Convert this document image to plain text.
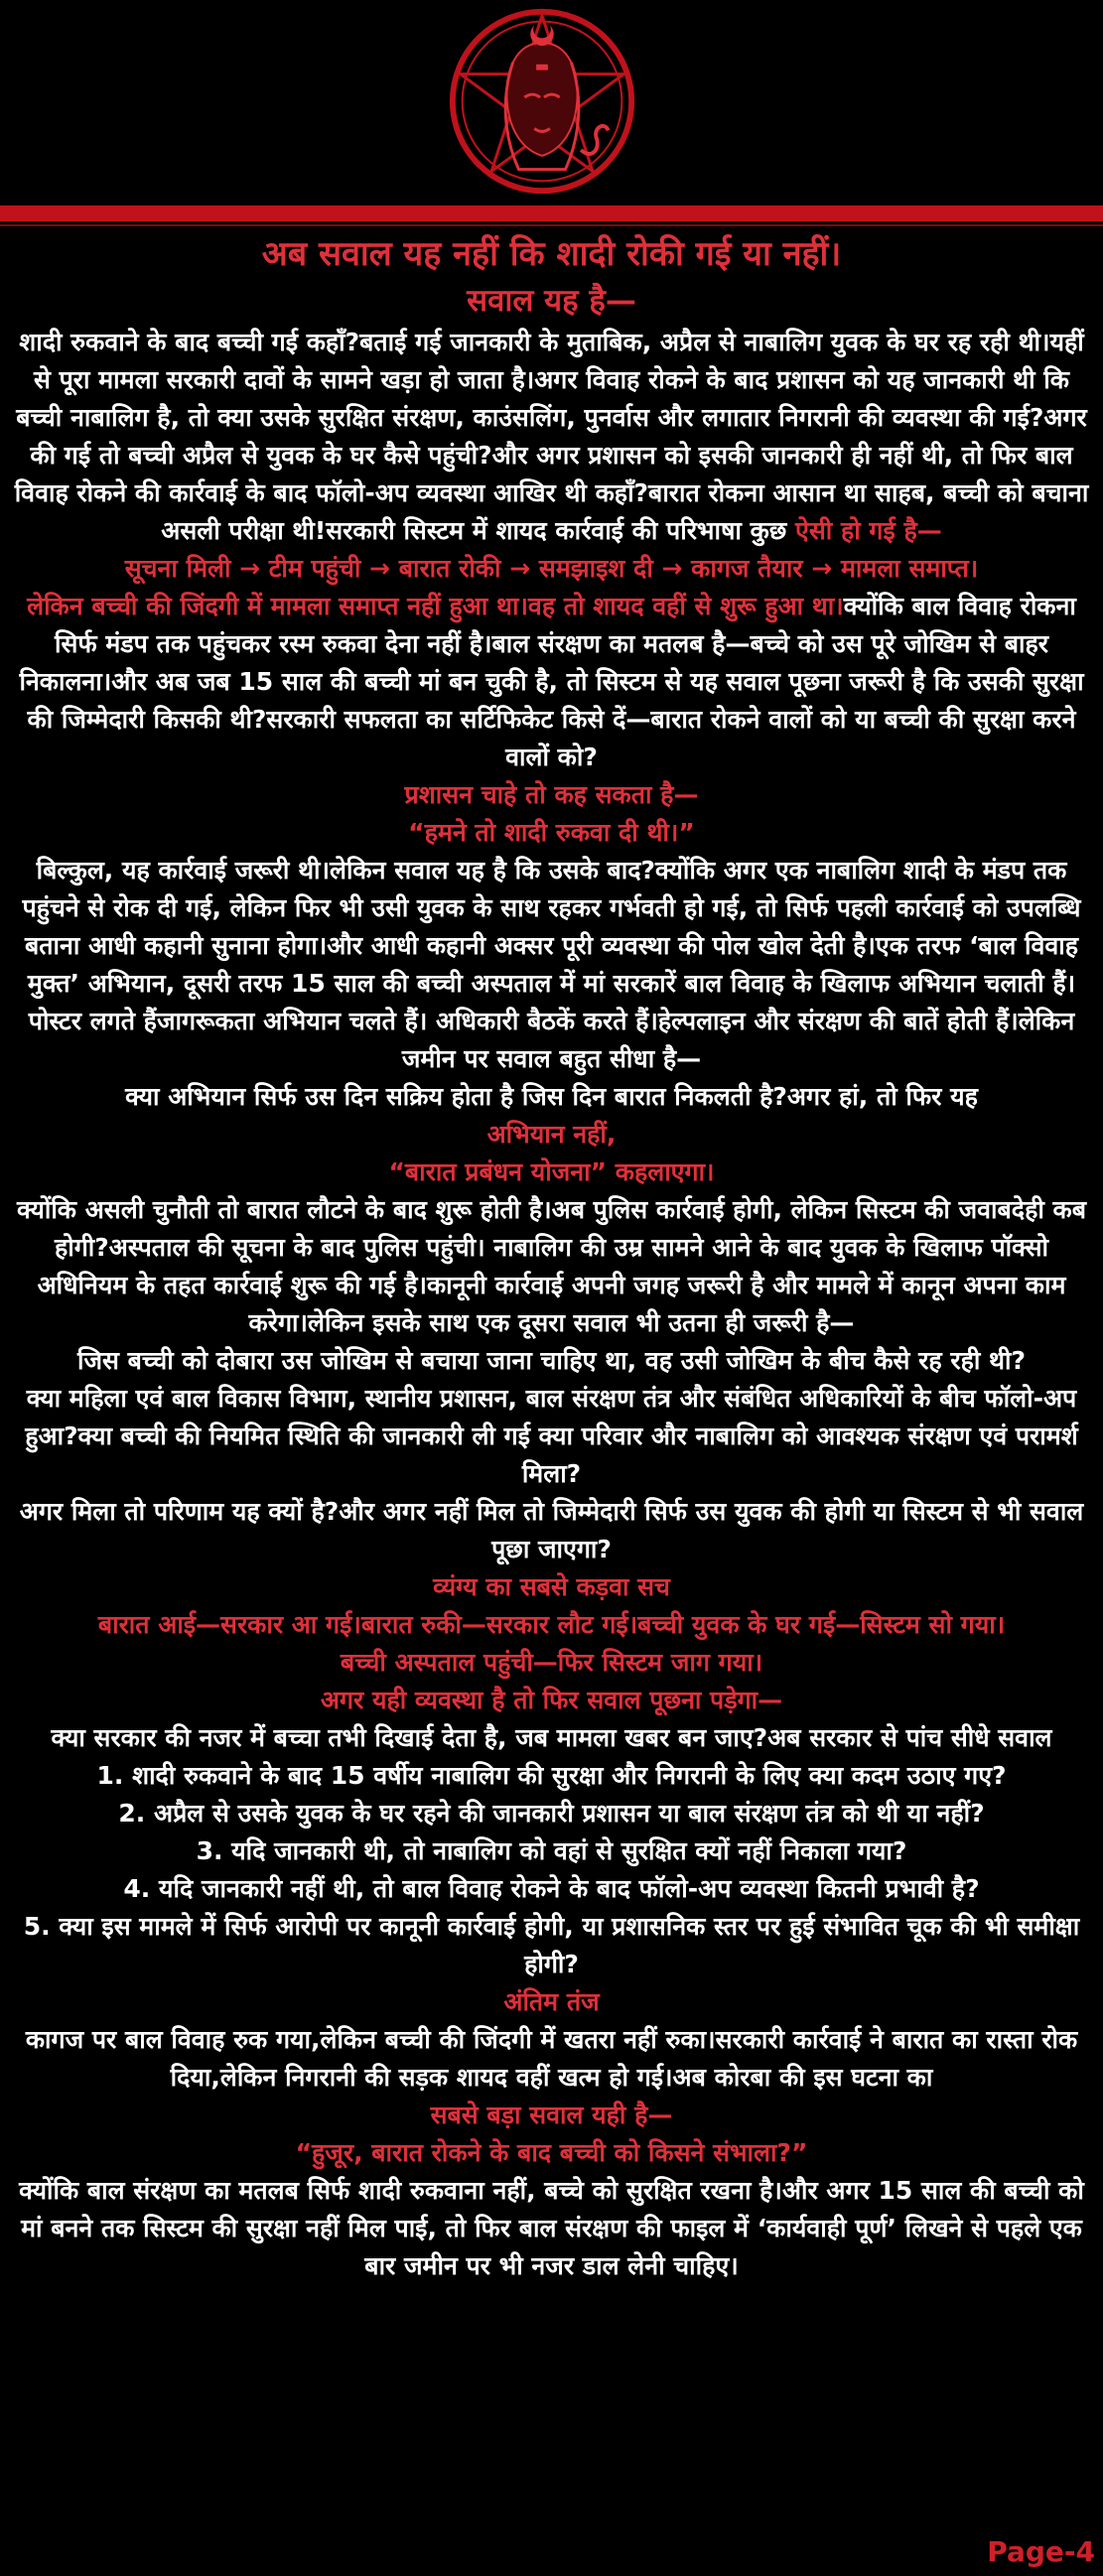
अब सवाल यह नहीं कि शादी रोकी गई या नहीं।

सवाल यह है—

शादी रुकवाने के बाद बच्ची गई कहाँ?बताई गई जानकारी के मुताबिक, अप्रैल से नाबालिग युवक के घर रह रही थी।यहीं से पूरा मामला सरकारी दावों के सामने खड़ा हो जाता है।अगर विवाह रोकने के बाद प्रशासन को यह जानकारी थी कि बच्ची नाबालिग है, तो क्या उसके सुरक्षित संरक्षण, काउंसलिंग, पुनर्वास और लगातार निगरानी की व्यवस्था की गई?अगर की गई तो बच्ची अप्रैल से युवक के घर कैसे पहुंची?और अगर प्रशासन को इसकी जानकारी ही नहीं थी, तो फिर बाल विवाह रोकने की कार्रवाई के बाद फॉलो-अप व्यवस्था आखिर थी कहाँ?बारात रोकना आसान था साहब, बच्ची को बचाना असली परीक्षा थी!सरकारी सिस्टम में शायद कार्रवाई की परिभाषा कुछ ऐसी हो गई है—

सूचना मिली → टीम पहुंची → बारात रोकी → समझाइश दी → कागज तैयार → मामला समाप्त।

लेकिन बच्ची की जिंदगी में मामला समाप्त नहीं हुआ था।वह तो शायद वहीं से शुरू हुआ था।क्योंकि बाल विवाह रोकना सिर्फ मंडप तक पहुंचकर रस्म रुकवा देना नहीं है।बाल संरक्षण का मतलब है—बच्चे को उस पूरे जोखिम से बाहर निकालना।और अब जब 15 साल की बच्ची मां बन चुकी है, तो सिस्टम से यह सवाल पूछना जरूरी है कि उसकी सुरक्षा की जिम्मेदारी किसकी थी?सरकारी सफलता का सर्टिफिकेट किसे दें—बारात रोकने वालों को या बच्ची की सुरक्षा करने वालों को?

प्रशासन चाहे तो कह सकता है—

“हमने तो शादी रुकवा दी थी।”

बिल्कुल, यह कार्रवाई जरूरी थी।लेकिन सवाल यह है कि उसके बाद?क्योंकि अगर एक नाबालिग शादी के मंडप तक पहुंचने से रोक दी गई, लेकिन फिर भी उसी युवक के साथ रहकर गर्भवती हो गई, तो सिर्फ पहली कार्रवाई को उपलब्धि बताना आधी कहानी सुनाना होगा।और आधी कहानी अक्सर पूरी व्यवस्था की पोल खोल देती है।एक तरफ ‘बाल विवाह मुक्त’ अभियान, दूसरी तरफ 15 साल की बच्ची अस्पताल में मां सरकारें बाल विवाह के खिलाफ अभियान चलाती हैं।पोस्टर लगते हैंजागरूकता अभियान चलते हैं। अधिकारी बैठकें करते हैं।हेल्पलाइन और संरक्षण की बातें होती हैं।लेकिन जमीन पर सवाल बहुत सीधा है—

क्या अभियान सिर्फ उस दिन सक्रिय होता है जिस दिन बारात निकलती है?अगर हां, तो फिर यह

अभियान नहीं,

“बारात प्रबंधन योजना” कहलाएगा।

क्योंकि असली चुनौती तो बारात लौटने के बाद शुरू होती है।अब पुलिस कार्रवाई होगी, लेकिन सिस्टम की जवाबदेही कब होगी?अस्पताल की सूचना के बाद पुलिस पहुंची। नाबालिग की उम्र सामने आने के बाद युवक के खिलाफ पॉक्सो अधिनियम के तहत कार्रवाई शुरू की गई है।कानूनी कार्रवाई अपनी जगह जरूरी है और मामले में कानून अपना काम करेगा।लेकिन इसके साथ एक दूसरा सवाल भी उतना ही जरूरी है—

जिस बच्ची को दोबारा उस जोखिम से बचाया जाना चाहिए था, वह उसी जोखिम के बीच कैसे रह रही थी?

क्या महिला एवं बाल विकास विभाग, स्थानीय प्रशासन, बाल संरक्षण तंत्र और संबंधित अधिकारियों के बीच फॉलो-अप हुआ?क्या बच्ची की नियमित स्थिति की जानकारी ली गई क्या परिवार और नाबालिग को आवश्यक संरक्षण एवं परामर्श मिला?

अगर मिला तो परिणाम यह क्यों है?और अगर नहीं मिल तो जिम्मेदारी सिर्फ उस युवक की होगी या सिस्टम से भी सवाल पूछा जाएगा?

व्यंग्य का सबसे कड़वा सच

बारात आई—सरकार आ गई।बारात रुकी—सरकार लौट गई।बच्ची युवक के घर गई—सिस्टम सो गया।

बच्ची अस्पताल पहुंची—फिर सिस्टम जाग गया।

अगर यही व्यवस्था है तो फिर सवाल पूछना पड़ेगा—

क्या सरकार की नजर में बच्चा तभी दिखाई देता है, जब मामला खबर बन जाए?अब सरकार से पांच सीधे सवाल

1. शादी रुकवाने के बाद 15 वर्षीय नाबालिग की सुरक्षा और निगरानी के लिए क्या कदम उठाए गए?

2. अप्रैल से उसके युवक के घर रहने की जानकारी प्रशासन या बाल संरक्षण तंत्र को थी या नहीं?

3. यदि जानकारी थी, तो नाबालिग को वहां से सुरक्षित क्यों नहीं निकाला गया?

4. यदि जानकारी नहीं थी, तो बाल विवाह रोकने के बाद फॉलो-अप व्यवस्था कितनी प्रभावी है?

5. क्या इस मामले में सिर्फ आरोपी पर कानूनी कार्रवाई होगी, या प्रशासनिक स्तर पर हुई संभावित चूक की भी समीक्षा होगी?

अंतिम तंज

कागज पर बाल विवाह रुक गया,लेकिन बच्ची की जिंदगी में खतरा नहीं रुका।सरकारी कार्रवाई ने बारात का रास्ता रोक दिया,लेकिन निगरानी की सड़क शायद वहीं खत्म हो गई।अब कोरबा की इस घटना का

सबसे बड़ा सवाल यही है—

“हुजूर, बारात रोकने के बाद बच्ची को किसने संभाला?”

क्योंकि बाल संरक्षण का मतलब सिर्फ शादी रुकवाना नहीं, बच्चे को सुरक्षित रखना है।और अगर 15 साल की बच्ची को मां बनने तक सिस्टम की सुरक्षा नहीं मिल पाई, तो फिर बाल संरक्षण की फाइल में ‘कार्यवाही पूर्ण’ लिखने से पहले एक बार जमीन पर भी नजर डाल लेनी चाहिए।

Page-4
